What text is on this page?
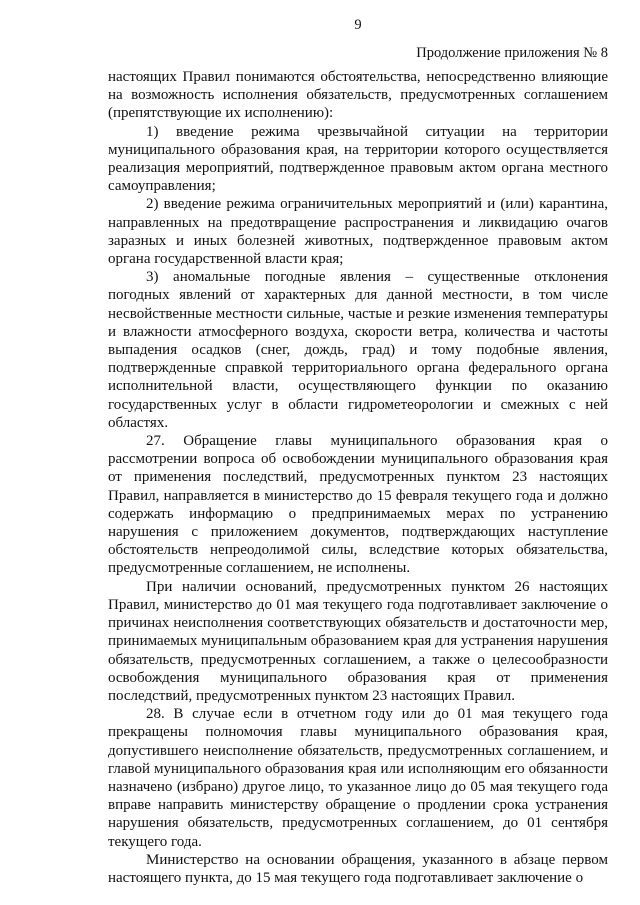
9
Продолжение приложения № 8

настоящих Правил понимаются обстоятельства, непосредственно влияющие на возможность исполнения обязательств, предусмотренных соглашением (препятствующие их исполнению):

1) введение режима чрезвычайной ситуации на территории муниципального образования края, на территории которого осуществляется реализация мероприятий, подтвержденное правовым актом органа местного самоуправления;

2) введение режима ограничительных мероприятий и (или) карантина, направленных на предотвращение распространения и ликвидацию очагов заразных и иных болезней животных, подтвержденное правовым актом органа государственной власти края;

3) аномальные погодные явления – существенные отклонения погодных явлений от характерных для данной местности, в том числе несвойственные местности сильные, частые и резкие изменения температуры и влажности атмосферного воздуха, скорости ветра, количества и частоты выпадения осадков (снег, дождь, град) и тому подобные явления, подтвержденные справкой территориального органа федерального органа исполнительной власти, осуществляющего функции по оказанию государственных услуг в области гидрометеорологии и смежных с ней областях.

27. Обращение главы муниципального образования края о рассмотрении вопроса об освобождении муниципального образования края от применения последствий, предусмотренных пунктом 23 настоящих Правил, направляется в министерство до 15 февраля текущего года и должно содержать информацию о предпринимаемых мерах по устранению нарушения с приложением документов, подтверждающих наступление обстоятельств непреодолимой силы, вследствие которых обязательства, предусмотренные соглашением, не исполнены.

При наличии оснований, предусмотренных пунктом 26 настоящих Правил, министерство до 01 мая текущего года подготавливает заключение о причинах неисполнения соответствующих обязательств и достаточности мер, принимаемых муниципальным образованием края для устранения нарушения обязательств, предусмотренных соглашением, а также о целесообразности освобождения муниципального образования края от применения последствий, предусмотренных пунктом 23 настоящих Правил.

28. В случае если в отчетном году или до 01 мая текущего года прекращены полномочия главы муниципального образования края, допустившего неисполнение обязательств, предусмотренных соглашением, и главой муниципального образования края или исполняющим его обязанности назначено (избрано) другое лицо, то указанное лицо до 05 мая текущего года вправе направить министерству обращение о продлении срока устранения нарушения обязательств, предусмотренных соглашением, до 01 сентября текущего года.

Министерство на основании обращения, указанного в абзаце первом настоящего пункта, до 15 мая текущего года подготавливает заключение о
